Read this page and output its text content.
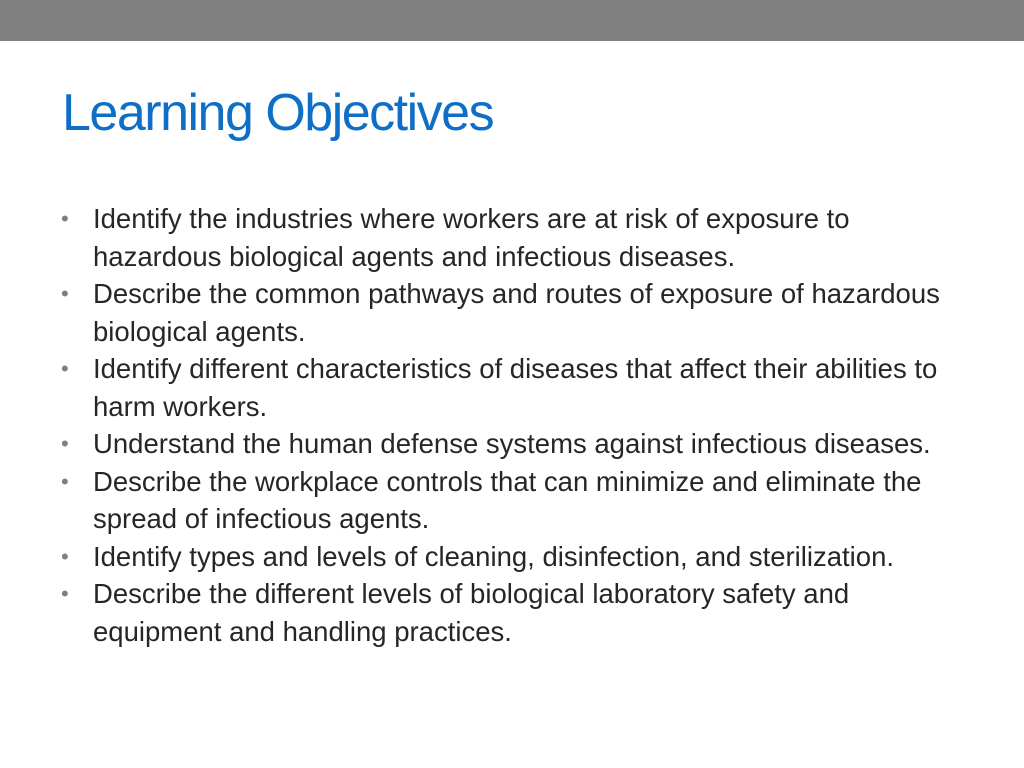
Learning Objectives
• Identify the industries where workers are at risk of exposure to hazardous biological agents and infectious diseases.
• Describe the common pathways and routes of exposure of hazardous biological agents.
• Identify different characteristics of diseases that affect their abilities to harm workers.
• Understand the human defense systems against infectious diseases.
• Describe the workplace controls that can minimize and eliminate the spread of infectious agents.
• Identify types and levels of cleaning, disinfection, and sterilization.
• Describe the different levels of biological laboratory safety and equipment and handling practices.
